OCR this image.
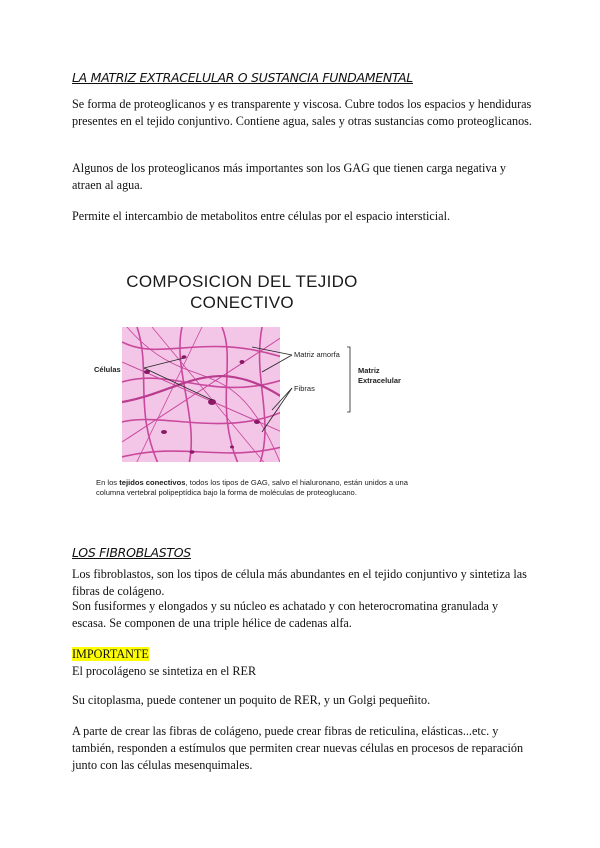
LA MATRIZ EXTRACELULAR O SUSTANCIA FUNDAMENTAL
Se forma de proteoglicanos y es transparente y viscosa. Cubre todos los espacios y hendiduras presentes en el tejido conjuntivo. Contiene agua, sales y otras sustancias como proteoglicanos.
Algunos de los proteoglicanos más importantes son los GAG que tienen carga negativa y atraen al agua.
Permite el intercambio de metabolitos entre células por el espacio intersticial.
COMPOSICION DEL TEJIDO
CONECTIVO
Células
Matriz amorfa
Fibras
Matriz
Extracelular
En los tejidos conectivos, todos los tipos de GAG, salvo el hialuronano, están unidos a una columna vertebral polipeptídica bajo la forma de moléculas de proteoglucano.
LOS FIBROBLASTOS
Los fibroblastos, son los tipos de célula más abundantes en el tejido conjuntivo y sintetiza las fibras de colágeno.
Son fusiformes y elongados y su núcleo es achatado y con heterocromatina granulada y escasa. Se componen de una triple hélice de cadenas alfa.
IMPORTANTE
El procolágeno se sintetiza en el RER
Su citoplasma, puede contener un poquito de RER, y un Golgi pequeñito.
A parte de crear las fibras de colágeno, puede crear fibras de reticulina, elásticas...etc. y también, responden a estímulos que permiten crear nuevas células en procesos de reparación junto con las células mesenquimales.
